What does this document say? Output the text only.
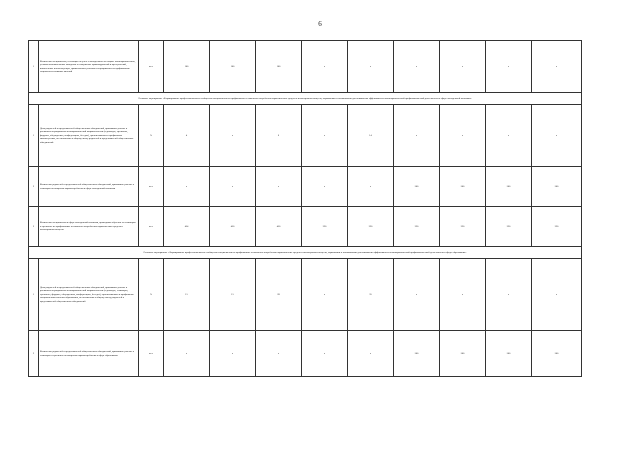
6
1	Количество специалистов, состоящих на учете в молодежного по защите антинаркотических, условно-положительных молодежи за совершение правонарушений и преступлений, вовлеченных в волонтерскую, привлекаемых участию в мероприятиях по профилактике социально-негативных явлений	чел.	100	100	100	х	х	х	х	х	х
Основное мероприятие «Формирование профессионального сообщества специалистов по профилактике незаконного потребления наркотических средств и психотропных веществ, наркомании и токсикомании для повышения эффективности антинаркотической профилактической деятельности в сфере молодежной политики»											
1	Доля родителей и представителей общественных объединений, принявших участие в различных мероприятиях антинаркотической направленности (в докладах, тренингах, форумах, обсуждениях, конференциях, беседах), организованных в профильных министерствах, по отношению к общему числу родителей и представителей общественных объединений	%	4	х	6	х	14	х	х	х	х
2	Количество родителей и представителей общественных объединений, принявших участие в семинарах по вопросам наркопотребления в сфере молодежной политики	чел.	х	х	х	х	х	500	500	500	500
3	Количество специалистов в сфере молодежной политики, прошедших обучение на семинарах и тренингах по профилактике незаконного потребления наркотических средств и психотропных веществ	чел.	454	450	450	320	320	320	320	320	320
Основное мероприятие «Формирование профессионального сообщества специалистов по профилактике незаконного потребления наркотических средств и психотропных веществ, наркомании и токсикомании для повышения эффективности антинаркотической профилактической деятельности в сфере образования»											
1	Доля родителей и представителей общественных объединений, принявших участие в различных мероприятиях антинаркотической направленности (в докладах, семинарах, тренингах, форумах, обсуждениях, конференциях, беседах), организованных в профильных специалистами системы образования, по отношению к общему числу родителей и представителей общественных объединений	%	15	15	28	х	35	х	х	х	х
2	Количество родителей и представителей общественных объединений, принявших участие в семинарах и тренингах по вопросам наркопотребления в сфере образования	чел.	х	х	х	х	х	500	500	500	500
